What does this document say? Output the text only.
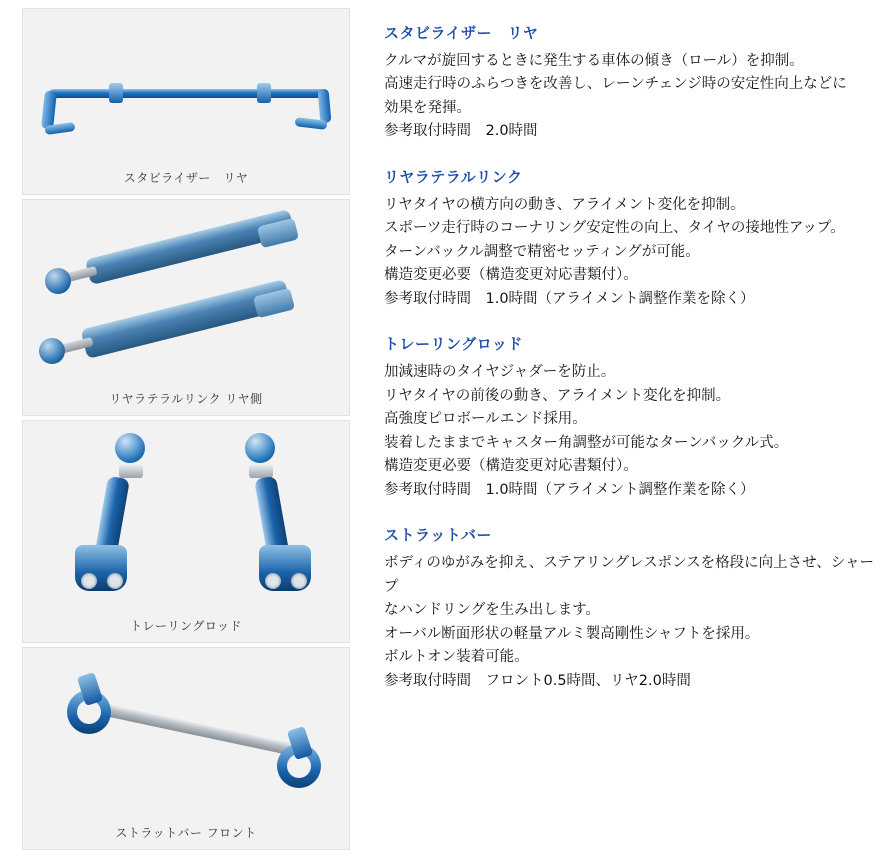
スタビライザー　リヤ
リヤラテラルリンク リヤ側
トレーリングロッド
ストラットバー フロント
スタビライザー　リヤ
クルマが旋回するときに発生する車体の傾き（ロール）を抑制。
高速走行時のふらつきを改善し、レーンチェンジ時の安定性向上などに
効果を発揮。
参考取付時間　2.0時間
リヤラテラルリンク
リヤタイヤの横方向の動き、アライメント変化を抑制。
スポーツ走行時のコーナリング安定性の向上、タイヤの接地性アップ。
ターンバックル調整で精密セッティングが可能。
構造変更必要（構造変更対応書類付）。
参考取付時間　1.0時間（アライメント調整作業を除く）
トレーリングロッド
加減速時のタイヤジャダーを防止。
リヤタイヤの前後の動き、アライメント変化を抑制。
高強度ピロボールエンド採用。
装着したままでキャスター角調整が可能なターンバックル式。
構造変更必要（構造変更対応書類付）。
参考取付時間　1.0時間（アライメント調整作業を除く）
ストラットバー
ボディのゆがみを抑え、ステアリングレスポンスを格段に向上させ、シャープ
なハンドリングを生み出します。
オーバル断面形状の軽量アルミ製高剛性シャフトを採用。
ボルトオン装着可能。
参考取付時間　フロント0.5時間、リヤ2.0時間
